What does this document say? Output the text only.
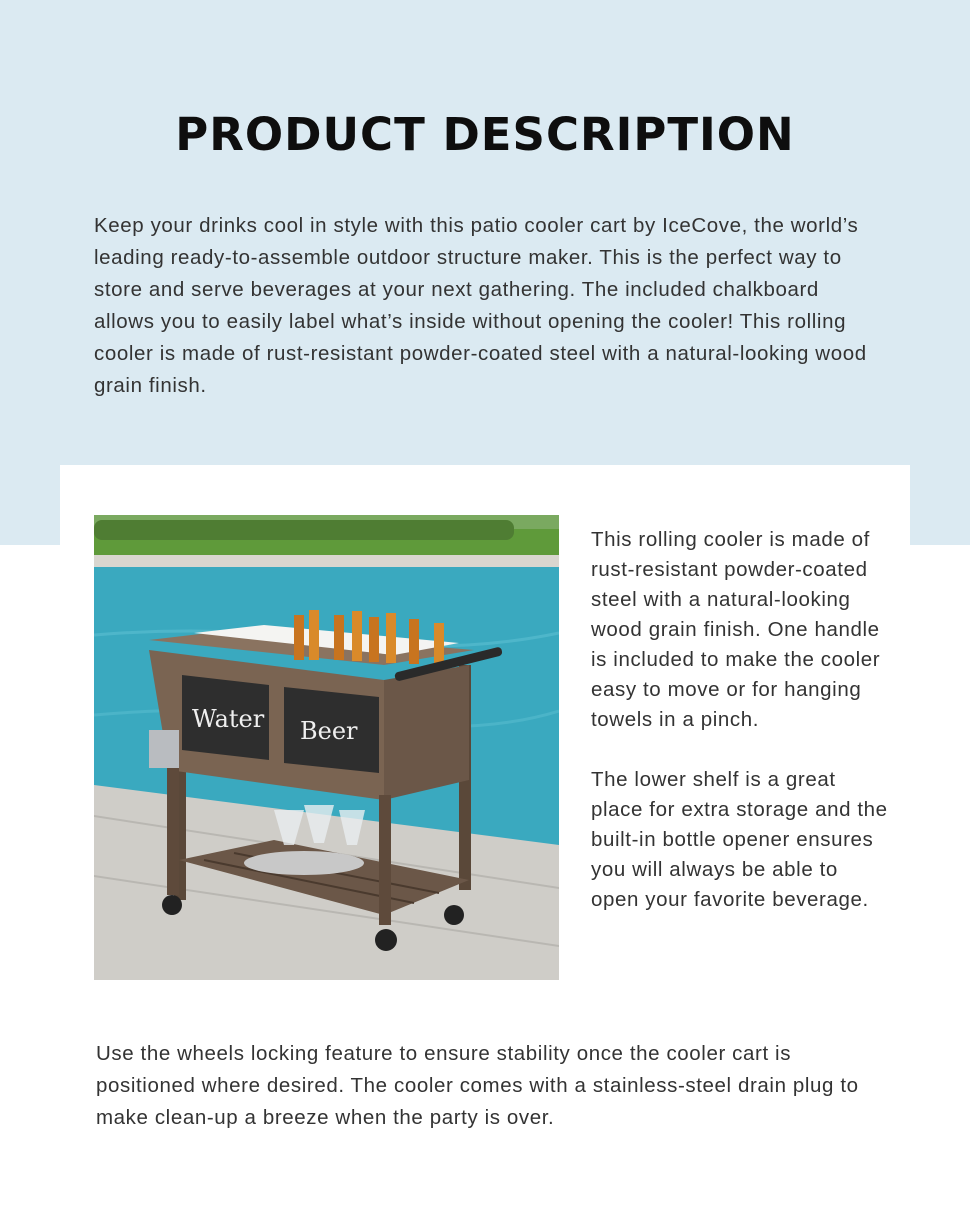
PRODUCT DESCRIPTION

Keep your drinks cool in style with this patio cooler cart by IceCove, the world’s leading ready-to-assemble outdoor structure maker. This is the perfect way to store and serve beverages at your next gathering. The included chalkboard allows you to easily label what’s inside without opening the cooler! This rolling cooler is made of rust-resistant powder-coated steel with a natural-looking wood grain finish.

Water Beer

This rolling cooler is made of rust-resistant powder-coated steel with a natural-looking wood grain finish. One handle is included to make the cooler easy to move or for hanging towels in a pinch.

The lower shelf is a great place for extra storage and the built-in bottle opener ensures you will always be able to open your favorite beverage.

Use the wheels locking feature to ensure stability once the cooler cart is positioned where desired. The cooler comes with a stainless-steel drain plug to make clean-up a breeze when the party is over.
